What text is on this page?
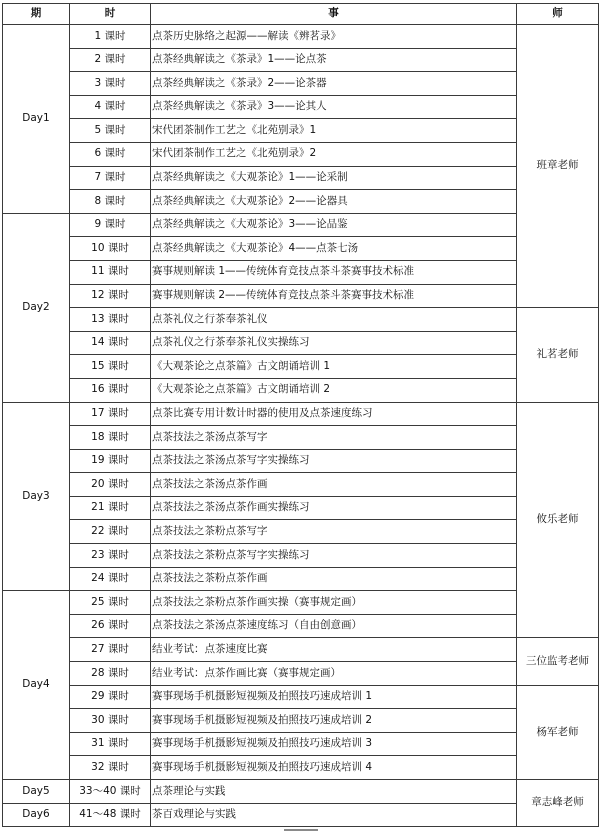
期	时	事	师
Day1	1 课时	点茶历史脉络之起源——解读《辨茗录》	班章老师
	2 课时	点茶经典解读之《茶录》1——论点茶	
	3 课时	点茶经典解读之《茶录》2——论茶器	
	4 课时	点茶经典解读之《茶录》3——论其人	
	5 课时	宋代团茶制作工艺之《北苑别录》1	
	6 课时	宋代团茶制作工艺之《北苑别录》2	
	7 课时	点茶经典解读之《大观茶论》1——论采制	
	8 课时	点茶经典解读之《大观茶论》2——论器具	
Day2	9 课时	点茶经典解读之《大观茶论》3——论品鉴	
	10 课时	点茶经典解读之《大观茶论》4——点茶七汤	
	11 课时	赛事规则解读 1——传统体育竞技点茶斗茶赛事技术标准	
	12 课时	赛事规则解读 2——传统体育竞技点茶斗茶赛事技术标准	
	13 课时	点茶礼仪之行茶奉茶礼仪	礼茗老师
	14 课时	点茶礼仪之行茶奉茶礼仪实操练习	
	15 课时	《大观茶论之点茶篇》古文朗诵培训 1	
	16 课时	《大观茶论之点茶篇》古文朗诵培训 2	
Day3	17 课时	点茶比赛专用计数计时器的使用及点茶速度练习	攸乐老师
	18 课时	点茶技法之茶汤点茶写字	
	19 课时	点茶技法之茶汤点茶写字实操练习	
	20 课时	点茶技法之茶汤点茶作画	
	21 课时	点茶技法之茶汤点茶作画实操练习	
	22 课时	点茶技法之茶粉点茶写字	
	23 课时	点茶技法之茶粉点茶写字实操练习	
	24 课时	点茶技法之茶粉点茶作画	
Day4	25 课时	点茶技法之茶粉点茶作画实操（赛事规定画）	
	26 课时	点茶技法之茶汤点茶速度练习（自由创意画）	
	27 课时	结业考试：点茶速度比赛	三位监考老师
	28 课时	结业考试：点茶作画比赛（赛事规定画）	
	29 课时	赛事现场手机摄影短视频及拍照技巧速成培训 1	杨军老师
	30 课时	赛事现场手机摄影短视频及拍照技巧速成培训 2	
	31 课时	赛事现场手机摄影短视频及拍照技巧速成培训 3	
	32 课时	赛事现场手机摄影短视频及拍照技巧速成培训 4	
Day5	33～40 课时	点茶理论与实践	章志峰老师
Day6	41～48 课时	茶百戏理论与实践	
